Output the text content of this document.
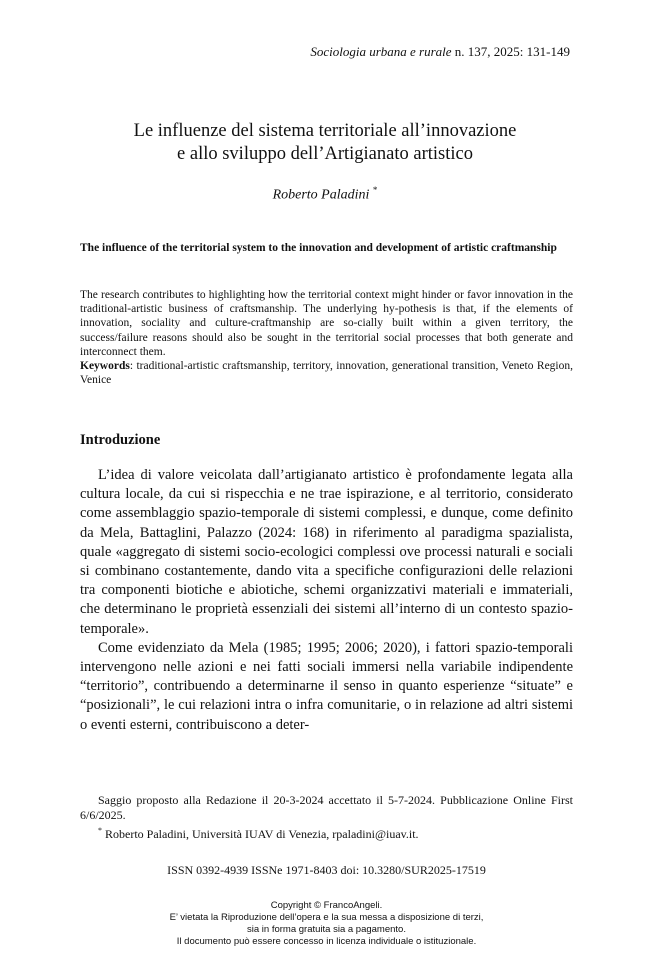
Sociologia urbana e rurale n. 137, 2025: 131-149
Le influenze del sistema territoriale all’innovazione
e allo sviluppo dell’Artigianato artistico
Roberto Paladini *
The influence of the territorial system to the innovation and development of artistic craftmanship
The research contributes to highlighting how the territorial context might hinder or favor innovation in the traditional-artistic business of craftsmanship. The underlying hy-pothesis is that, if the elements of innovation, sociality and culture-craftmanship are so-cially built within a given territory, the success/failure reasons should also be sought in the territorial social processes that both generate and interconnect them.
Keywords: traditional-artistic craftsmanship, territory, innovation, generational transition, Veneto Region, Venice
Introduzione

L’idea di valore veicolata dall’artigianato artistico è profondamente legata alla cultura locale, da cui si rispecchia e ne trae ispirazione, e al territorio, considerato come assemblaggio spazio-temporale di sistemi complessi, e dunque, come definito da Mela, Battaglini, Palazzo (2024: 168) in riferimento al paradigma spazialista, quale «aggregato di sistemi socio-ecologici complessi ove processi naturali e sociali si combinano costantemente, dando vita a specifiche configurazioni delle relazioni tra componenti biotiche e abiotiche, schemi organizzativi materiali e immateriali, che determinano le proprietà essenziali dei sistemi all’interno di un contesto spazio-temporale».

Come evidenziato da Mela (1985; 1995; 2006; 2020), i fattori spazio-temporali intervengono nelle azioni e nei fatti sociali immersi nella variabile indipendente “territorio”, contribuendo a determinarne il senso in quanto esperienze “situate” e “posizionali”, le cui relazioni intra o infra comunitarie, o in relazione ad altri sistemi o eventi esterni, contribuiscono a deter-

Saggio proposto alla Redazione il 20-3-2024 accettato il 5-7-2024. Pubblicazione Online First 6/6/2025.

* Roberto Paladini, Università IUAV di Venezia, rpaladini@iuav.it.

ISSN 0392-4939 ISSNe 1971-8403 doi: 10.3280/SUR2025-17519
Copyright © FrancoAngeli.
E’ vietata la Riproduzione dell’opera e la sua messa a disposizione di terzi,
sia in forma gratuita sia a pagamento.
Il documento può essere concesso in licenza individuale o istituzionale.
